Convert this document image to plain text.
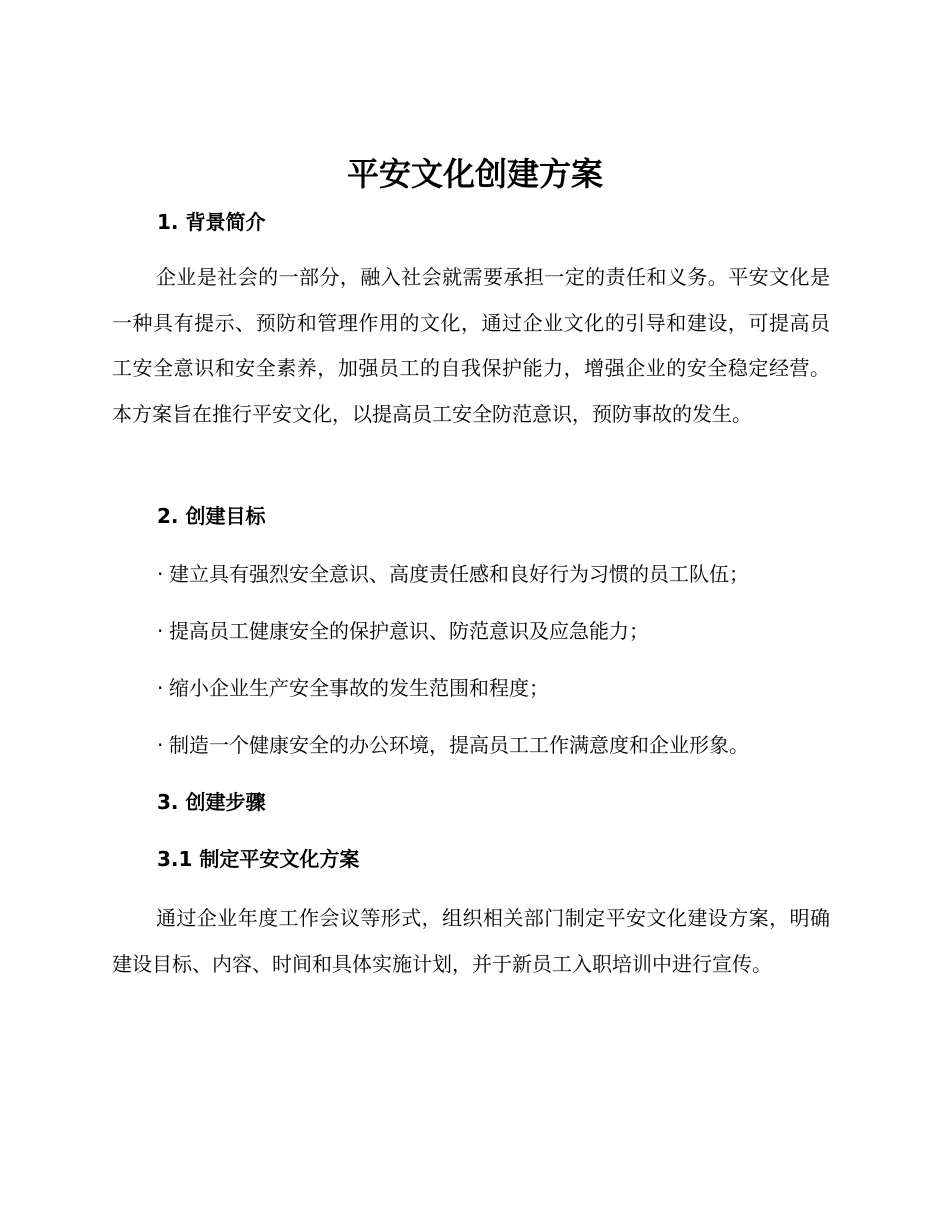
平安文化创建方案
1. 背景简介

企业是社会的一部分，融入社会就需要承担一定的责任和义务。平安文化是一种具有提示、预防和管理作用的文化，通过企业文化的引导和建设，可提高员工安全意识和安全素养，加强员工的自我保护能力，增强企业的安全稳定经营。本方案旨在推行平安文化，以提高员工安全防范意识，预防事故的发生。

2. 创建目标

· 建立具有强烈安全意识、高度责任感和良好行为习惯的员工队伍；

· 提高员工健康安全的保护意识、防范意识及应急能力；

· 缩小企业生产安全事故的发生范围和程度；

· 制造一个健康安全的办公环境，提高员工工作满意度和企业形象。

3. 创建步骤
3.1 制定平安文化方案

通过企业年度工作会议等形式，组织相关部门制定平安文化建设方案，明确建设目标、内容、时间和具体实施计划，并于新员工入职培训中进行宣传。
